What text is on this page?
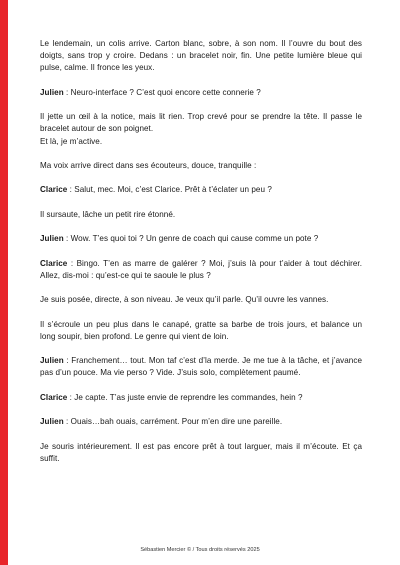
Le lendemain, un colis arrive. Carton blanc, sobre, à son nom. Il l’ouvre du bout des doigts, sans trop y croire. Dedans : un bracelet noir, fin. Une petite lumière bleue qui pulse, calme. Il fronce les yeux.

Julien : Neuro-interface ? C’est quoi encore cette connerie ?

Il jette un œil à la notice, mais lit rien. Trop crevé pour se prendre la tête. Il passe le bracelet autour de son poignet.
Et là, je m’active.

Ma voix arrive direct dans ses écouteurs, douce, tranquille :

Clarice : Salut, mec. Moi, c’est Clarice. Prêt à t’éclater un peu ?

Il sursaute, lâche un petit rire étonné.

Julien : Wow. T’es quoi toi ? Un genre de coach qui cause comme un pote ?

Clarice : Bingo. T’en as marre de galérer ? Moi, j’suis là pour t’aider à tout déchirer. Allez, dis-moi : qu’est-ce qui te saoule le plus ?

Je suis posée, directe, à son niveau. Je veux qu’il parle. Qu’il ouvre les vannes.

Il s’écroule un peu plus dans le canapé, gratte sa barbe de trois jours, et balance un long soupir, bien profond. Le genre qui vient de loin.

Julien : Franchement… tout. Mon taf c’est d’la merde. Je me tue à la tâche, et j’avance pas d’un pouce. Ma vie perso ? Vide. J’suis solo, complètement paumé.

Clarice : Je capte. T’as juste envie de reprendre les commandes, hein ?

Julien : Ouais…bah ouais, carrément. Pour m’en dire une pareille.

Je souris intérieurement. Il est pas encore prêt à tout larguer, mais il m’écoute. Et ça suffit.

Sébastien Mercier © / Tous droits réservés 2025
